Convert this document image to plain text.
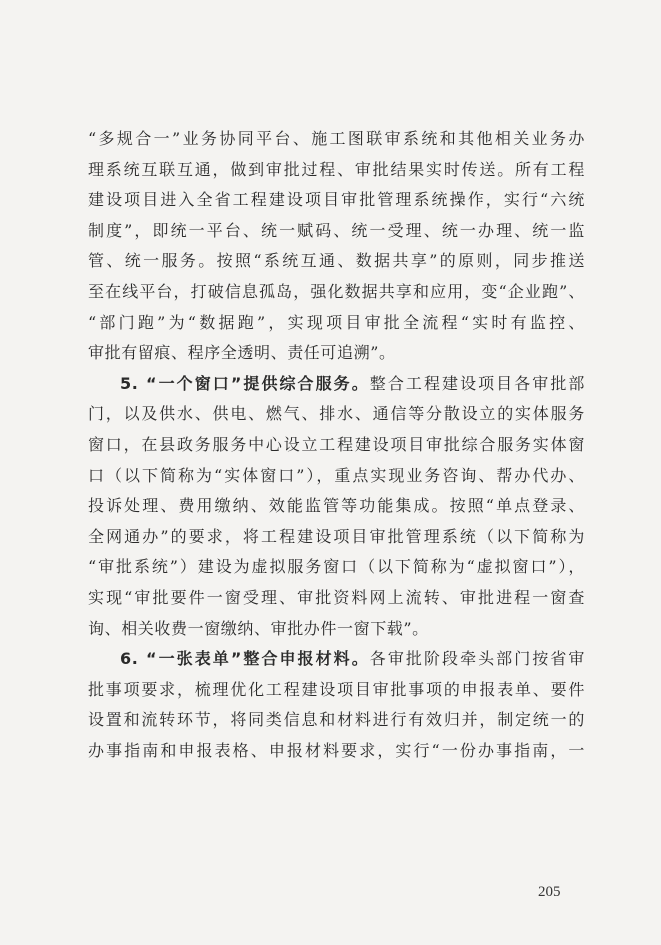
“多规合一”业务协同平台、施工图联审系统和其他相关业务办
理系统互联互通，做到审批过程、审批结果实时传送。所有工程
建设项目进入全省工程建设项目审批管理系统操作，实行“六统
制度”，即统一平台、统一赋码、统一受理、统一办理、统一监
管、统一服务。按照“系统互通、数据共享”的原则，同步推送
至在线平台，打破信息孤岛，强化数据共享和应用，变“企业跑”、
“部门跑”为“数据跑”，实现项目审批全流程“实时有监控、
审批有留痕、程序全透明、责任可追溯”。
5. “一个窗口”提供综合服务。整合工程建设项目各审批部
门，以及供水、供电、燃气、排水、通信等分散设立的实体服务
窗口，在县政务服务中心设立工程建设项目审批综合服务实体窗
口（以下简称为“实体窗口”），重点实现业务咨询、帮办代办、
投诉处理、费用缴纳、效能监管等功能集成。按照“单点登录、
全网通办”的要求，将工程建设项目审批管理系统（以下简称为
“审批系统”）建设为虚拟服务窗口（以下简称为“虚拟窗口”），
实现“审批要件一窗受理、审批资料网上流转、审批进程一窗查
询、相关收费一窗缴纳、审批办件一窗下载”。
6. “一张表单”整合申报材料。各审批阶段牵头部门按省审
批事项要求，梳理优化工程建设项目审批事项的申报表单、要件
设置和流转环节，将同类信息和材料进行有效归并，制定统一的
办事指南和申报表格、申报材料要求，实行“一份办事指南，一
205
